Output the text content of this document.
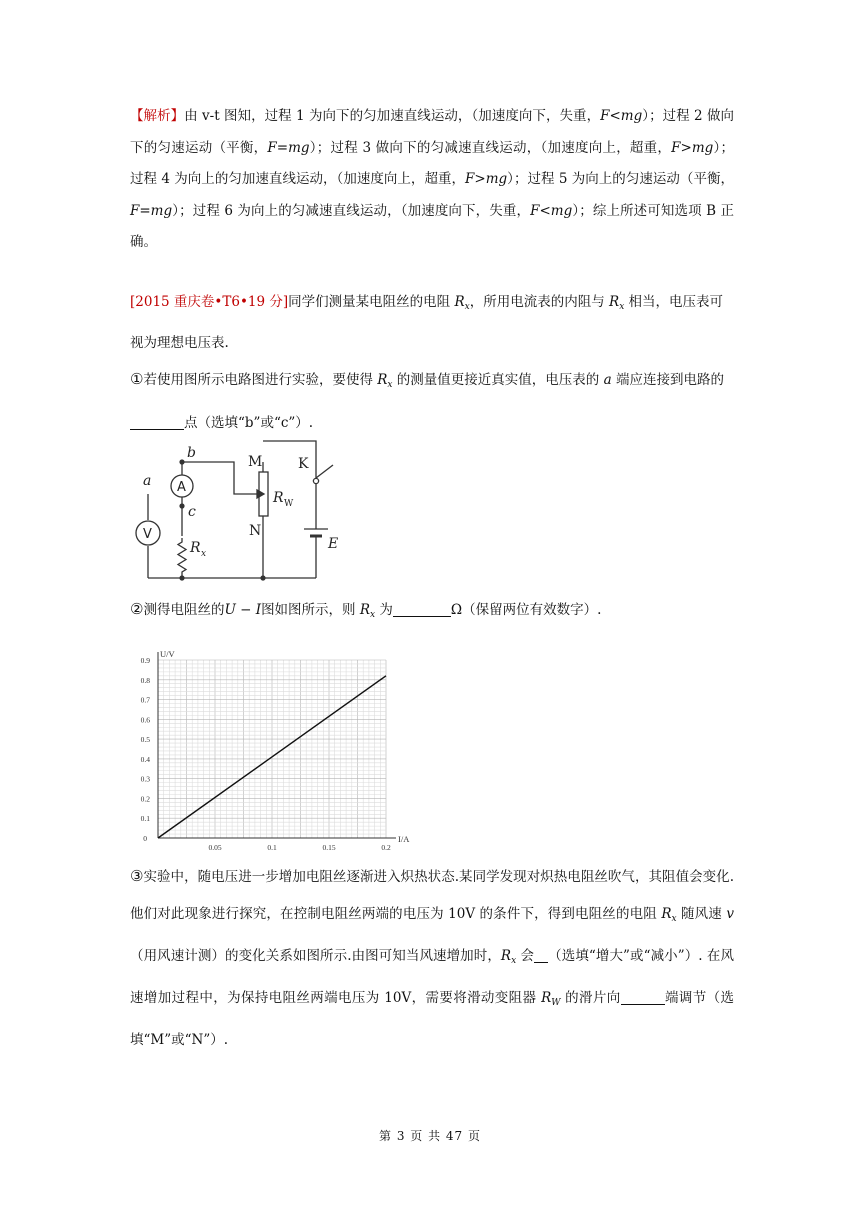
【解析】由 v-t 图知，过程 1 为向下的匀加速直线运动，（加速度向下，失重，F<mg）；过程 2 做向下的匀速运动（平衡，F=mg）；过程 3 做向下的匀减速直线运动，（加速度向上，超重，F>mg）；过程 4 为向上的匀加速直线运动，（加速度向上，超重，F>mg）；过程 5 为向上的匀速运动（平衡，F=mg）；过程 6 为向上的匀减速直线运动，（加速度向下，失重，F<mg）；综上所述可知选项 B 正确。
[2015 重庆卷•T6•19 分]同学们测量某电阻丝的电阻 $R_x$，所用电流表的内阻与 $R_x$ 相当，电压表可视为理想电压表.
①若使用图所示电路图进行实验，要使得 $R_x$ 的测量值更接近真实值，电压表的 a 端应连接到电路的点（选填“b”或“c”）.
a
b
c
A
V
M
N
K
E
R x
R W
②测得电阻丝的U − I图如图所示，则 $R_x$ 为	Ω（保留两位有效数字）.
0.05	0.1	0.15	0.2
0
0.1
0.2
0.3
0.4
0.5
0.6
0.7
0.8
0.9
U/V
I/A
③实验中，随电压进一步增加电阻丝逐渐进入炽热状态.某同学发现对炽热电阻丝吹气，其阻值会变化.他们对此现象进行探究，在控制电阻丝两端的电压为 10V 的条件下，得到电阻丝的电阻 $R_x$ 随风速 v（用风速计测）的变化关系如图所示.由图可知当风速增加时，$R_x$ 会 （选填“增大”或“减小”）. 在风速增加过程中，为保持电阻丝两端电压为 10V，需要将滑动变阻器 $R_W$ 的滑片向	端调节（选填“M”或“N”）.
第 3 页 共 47 页
